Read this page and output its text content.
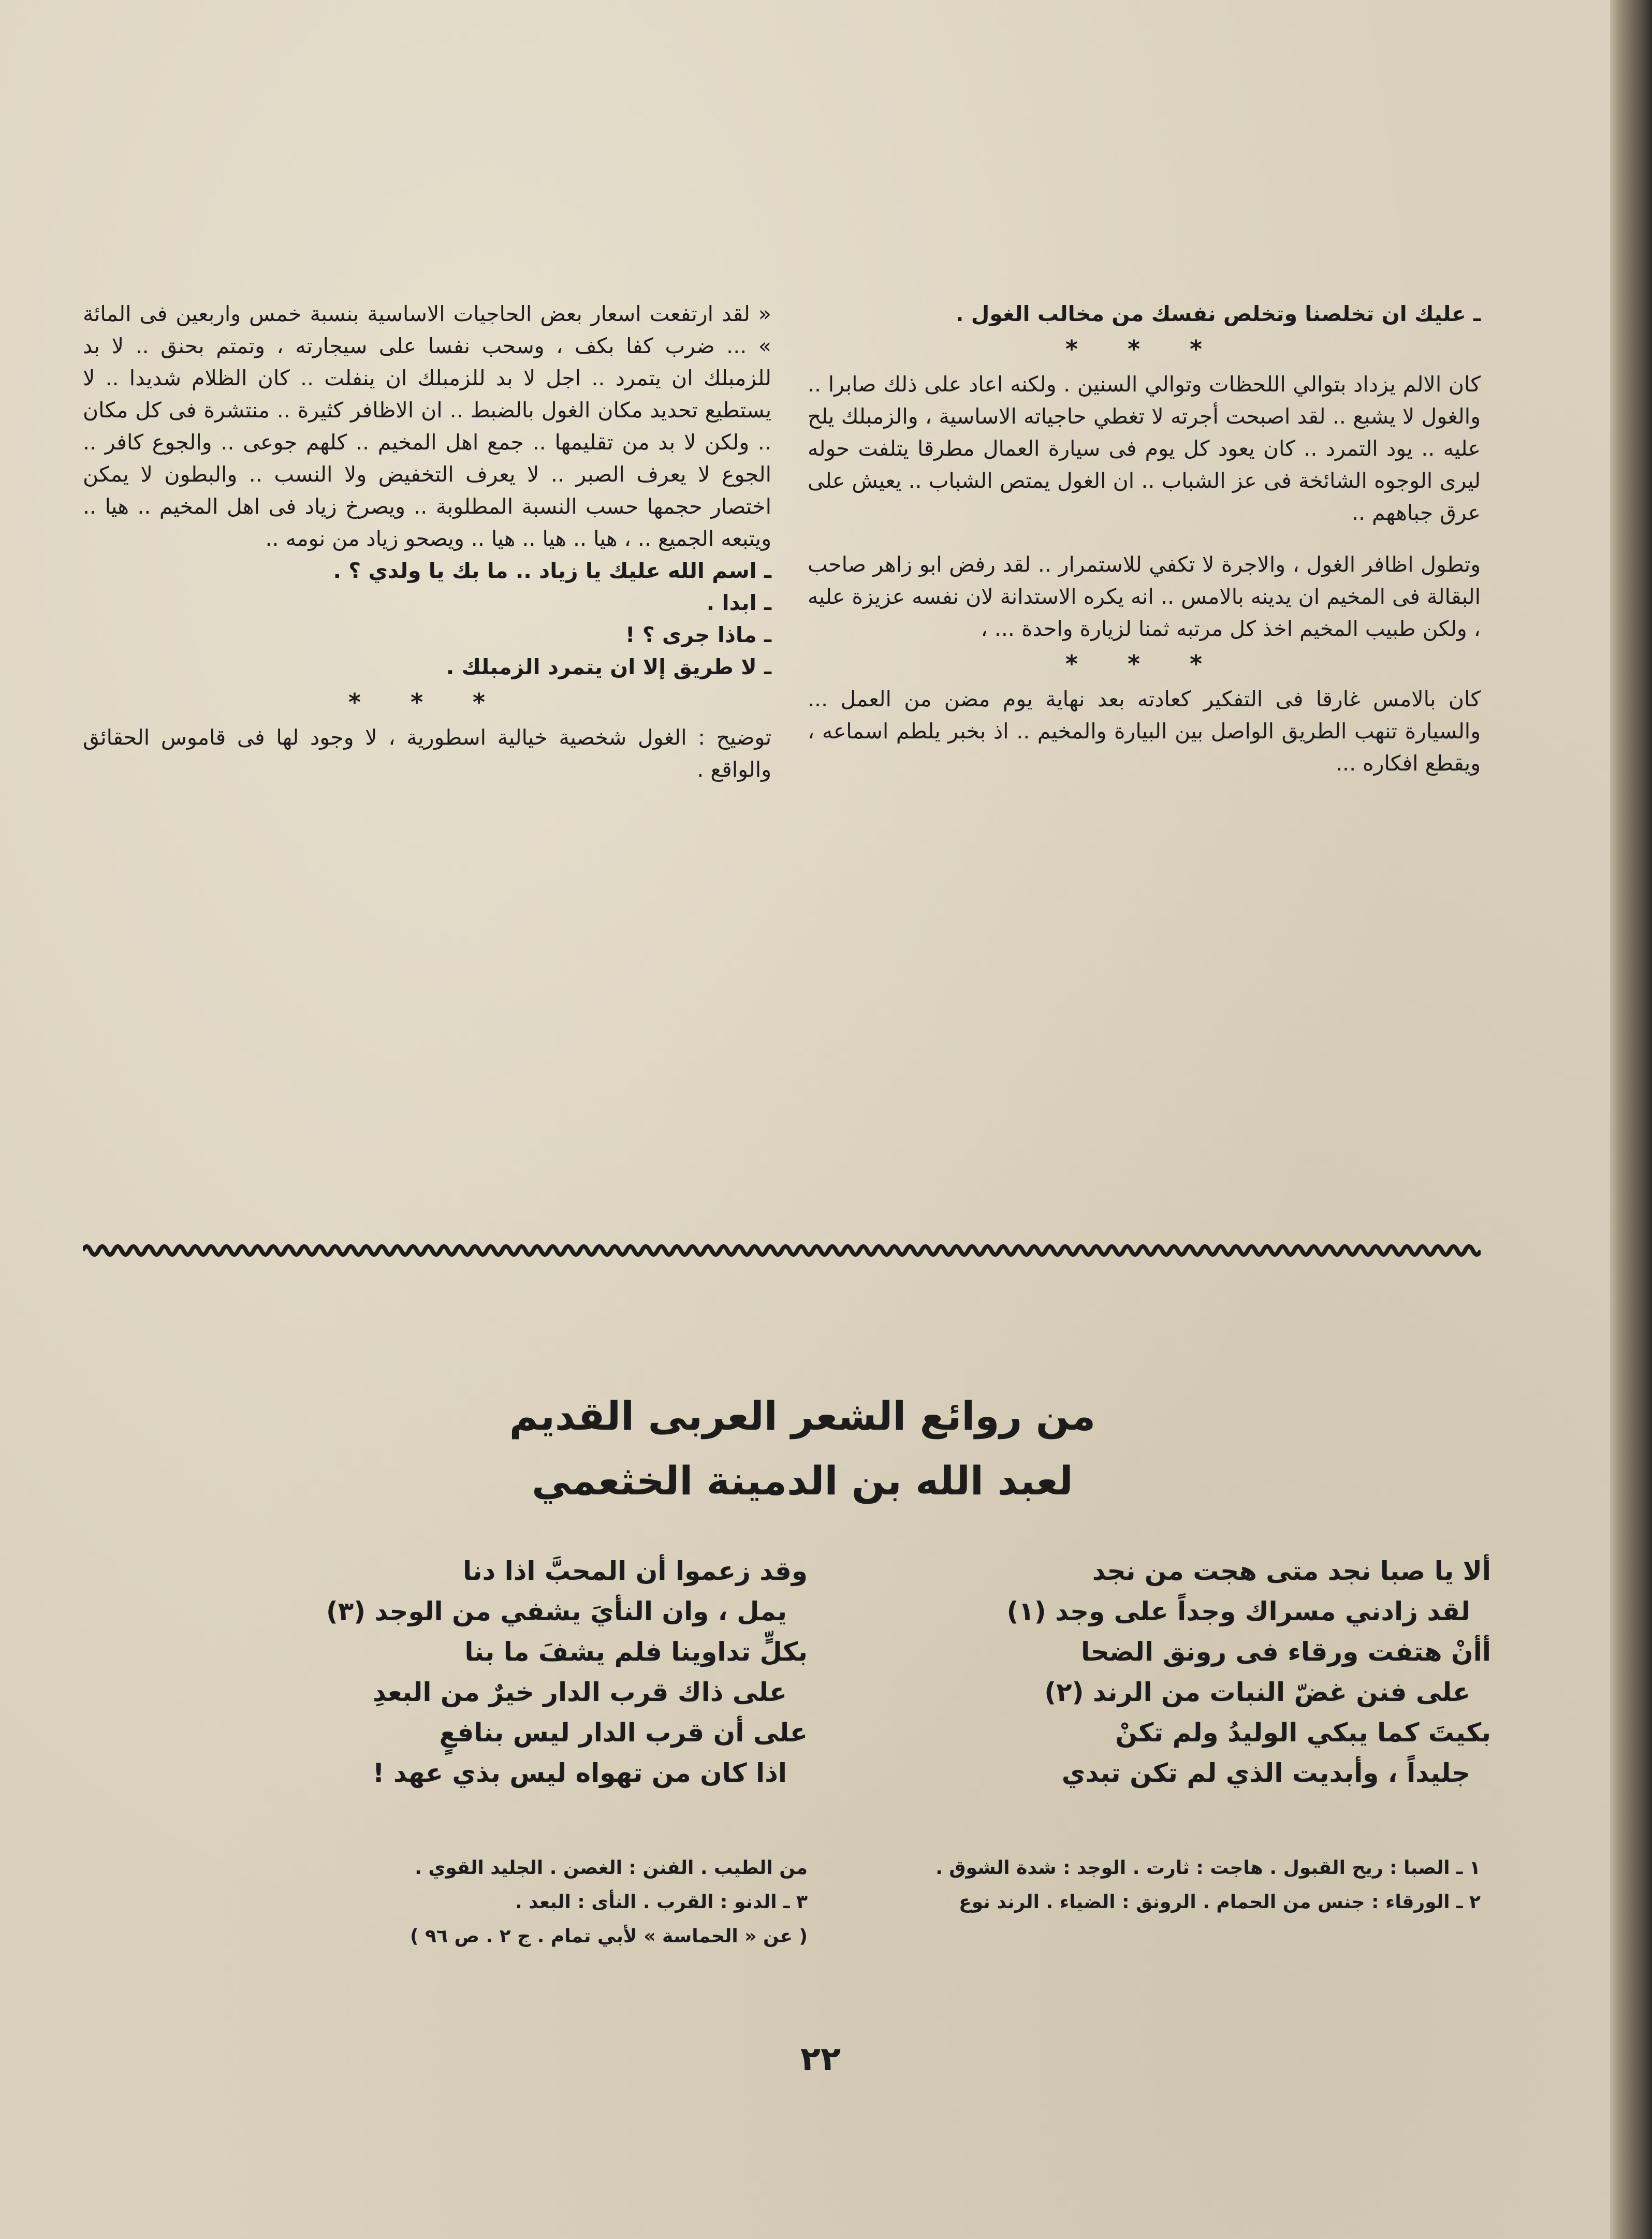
ـ عليك ان تخلصنا وتخلص نفسك من مخالب الغول .

* * *

كان الالم يزداد بتوالي اللحظات وتوالي السنين . ولكنه اعاد على ذلك صابرا .. والغول لا يشبع .. لقد اصبحت أجرته لا تغطي حاجياته الاساسية ، والزمبلك يلح عليه .. يود التمرد .. كان يعود كل يوم فى سيارة العمال مطرقا يتلفت حوله ليرى الوجوه الشائخة فى عز الشباب .. ان الغول يمتص الشباب .. يعيش على عرق جباههم ..

وتطول اظافر الغول ، والاجرة لا تكفي للاستمرار .. لقد رفض ابو زاهر صاحب البقالة فى المخيم ان يدينه بالامس .. انه يكره الاستدانة لان نفسه عزيزة عليه ، ولكن طبيب المخيم اخذ كل مرتبه ثمنا لزيارة واحدة ... ،

* * *

كان بالامس غارقا فى التفكير كعادته بعد نهاية يوم مضن من العمل ... والسيارة تنهب الطريق الواصل بين البيارة والمخيم .. اذ بخبر يلطم اسماعه ، ويقطع افكاره ...

« لقد ارتفعت اسعار بعض الحاجيات الاساسية بنسبة خمس واربعين فى المائة » ... ضرب كفا بكف ، وسحب نفسا على سيجارته ، وتمتم بحنق .. لا بد للزمبلك ان يتمرد .. اجل لا بد للزمبلك ان ينفلت .. كان الظلام شديدا .. لا يستطيع تحديد مكان الغول بالضبط .. ان الاظافر كثيرة .. منتشرة فى كل مكان .. ولكن لا بد من تقليمها .. جمع اهل المخيم .. كلهم جوعى .. والجوع كافر .. الجوع لا يعرف الصبر .. لا يعرف التخفيض ولا النسب .. والبطون لا يمكن اختصار حجمها حسب النسبة المطلوبة .. ويصرخ زياد فى اهل المخيم .. هيا .. ويتبعه الجميع .. ، هيا .. هيا .. هيا .. ويصحو زياد من نومه ..

ـ اسم الله عليك يا زياد .. ما بك يا ولدي ؟ .

ـ ابدا .

ـ ماذا جرى ؟ !

ـ لا طريق إلا ان يتمرد الزمبلك .

* * *

توضيح : الغول شخصية خيالية اسطورية ، لا وجود لها فى قاموس الحقائق والواقع .

من روائع الشعر العربى القديم
لعبد الله بن الدمينة الخثعمي
ألا يا صبا نجد متى هجت من نجد
لقد زادني مسراك وجداً على وجد (١)
أأنْ هتفت ورقاء فى رونق الضحا
على فنن غضّ النبات من الرند (٢)
بكيتَ كما يبكي الوليدُ ولم تكنْ
جليداً ، وأبديت الذي لم تكن تبدي
وقد زعموا أن المحبَّ اذا دنا
يمل ، وان النأيَ يشفي من الوجد (٣)
بكلٍّ تداوينا فلم يشفَ ما بنا
على ذاك قرب الدار خيرٌ من البعدِ
على أن قرب الدار ليس بنافعٍ
اذا كان من تهواه ليس بذي عهد !
١ ـ الصبا : ريح القبول . هاجت : ثارت . الوجد : شدة الشوق .
٢ ـ الورقاء : جنس من الحمام . الرونق : الضياء . الرند نوع
من الطيب . الفنن : الغصن . الجليد القوي .
٣ ـ الدنو : القرب . النأى : البعد .
( عن « الحماسة » لأبي تمام . ج ٢ . ص ٩٦ )
٢٢
